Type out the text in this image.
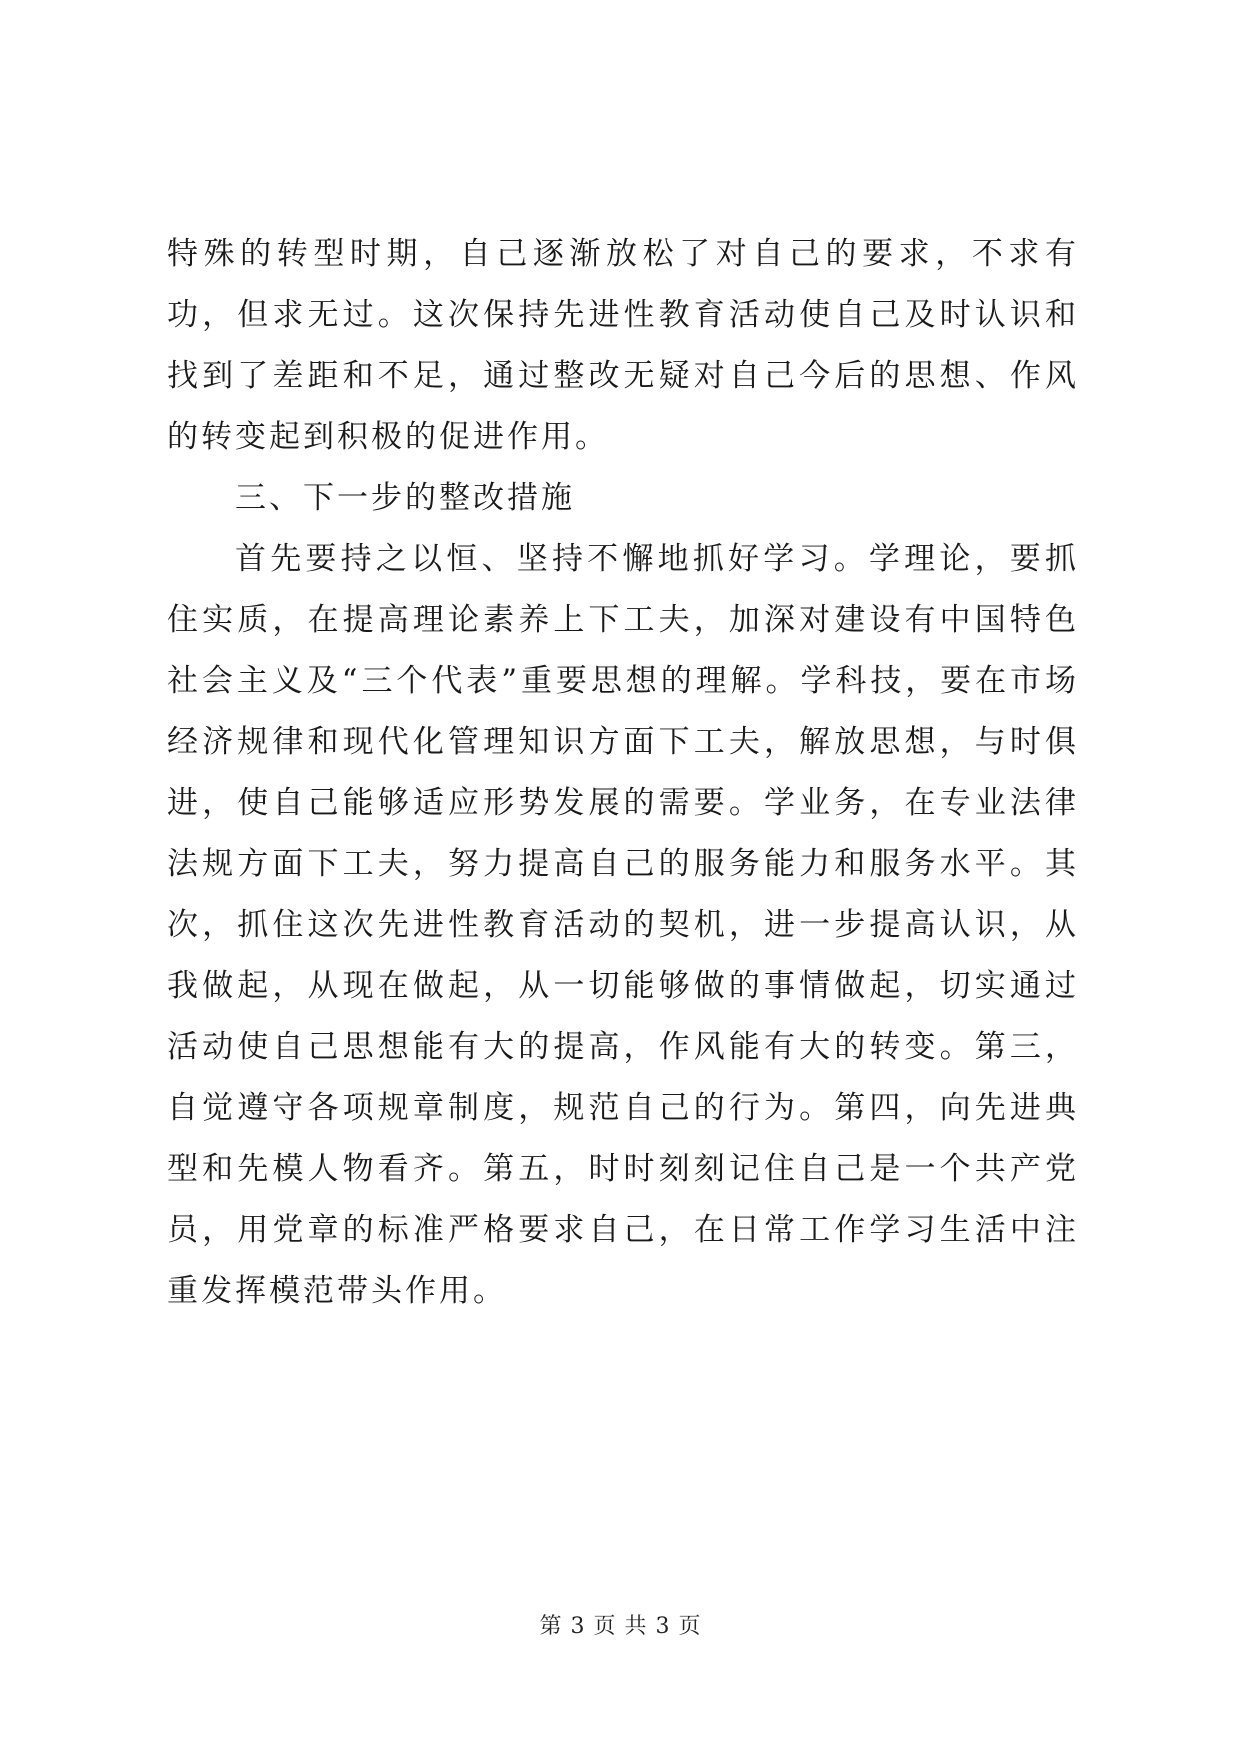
特殊的转型时期，自己逐渐放松了对自己的要求，不求有功，但求无过。这次保持先进性教育活动使自己及时认识和找到了差距和不足，通过整改无疑对自己今后的思想、作风的转变起到积极的促进作用。

三、下一步的整改措施

首先要持之以恒、坚持不懈地抓好学习。学理论，要抓住实质，在提高理论素养上下工夫，加深对建设有中国特色社会主义及“三个代表”重要思想的理解。学科技，要在市场经济规律和现代化管理知识方面下工夫，解放思想，与时俱进，使自己能够适应形势发展的需要。学业务，在专业法律法规方面下工夫，努力提高自己的服务能力和服务水平。其次，抓住这次先进性教育活动的契机，进一步提高认识，从我做起，从现在做起，从一切能够做的事情做起，切实通过活动使自己思想能有大的提高，作风能有大的转变。第三，自觉遵守各项规章制度，规范自己的行为。第四，向先进典型和先模人物看齐。第五，时时刻刻记住自己是一个共产党员，用党章的标准严格要求自己，在日常工作学习生活中注重发挥模范带头作用。

第 3 页 共 3 页
